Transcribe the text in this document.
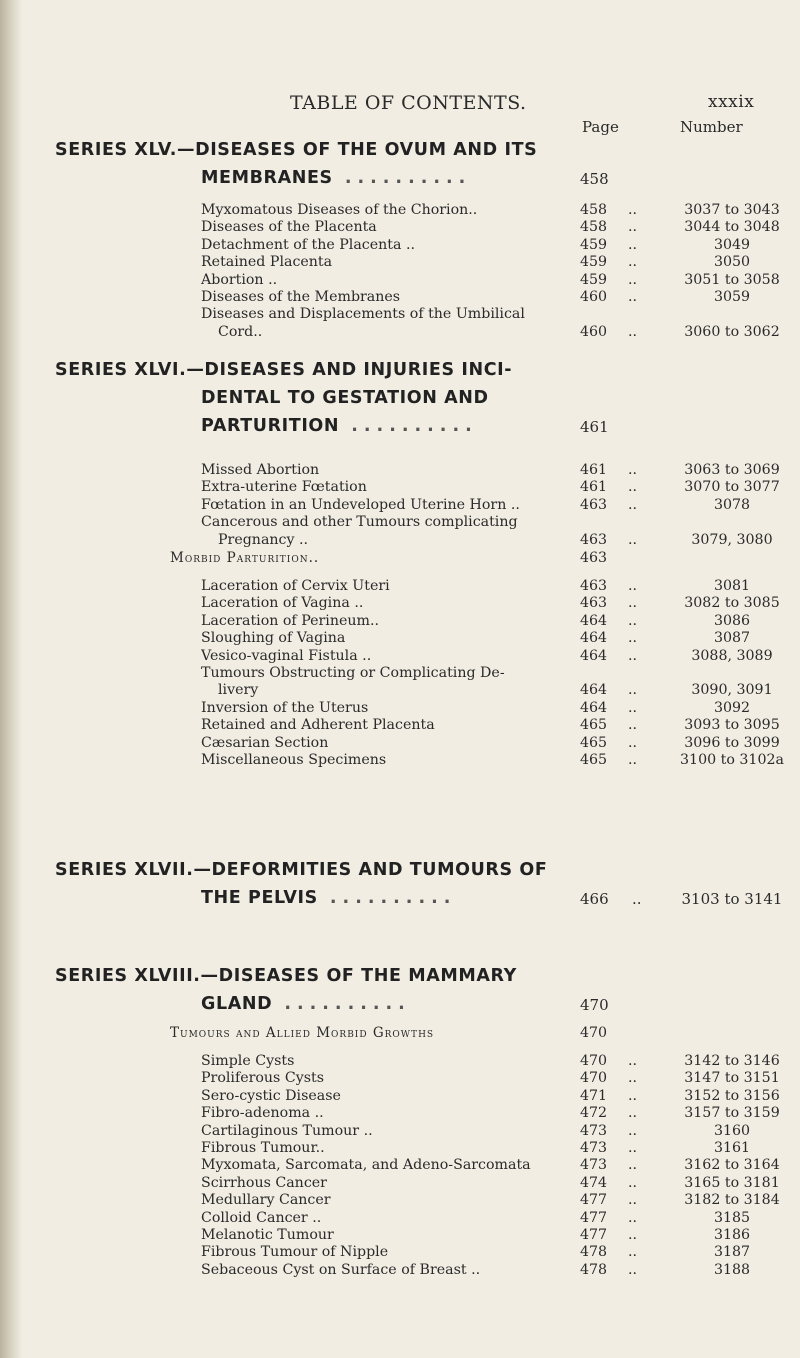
TABLE OF CONTENTS.	xxxix
Page	Number
SERIES XLV.—DISEASES OF THE OVUM AND ITS

MEMBRANES ..........	458
Myxomatous Diseases of the Chorion..	458	..	3037 to 3043
Diseases of the Placenta	458	..	3044 to 3048
Detachment of the Placenta ..	459	..	3049
Retained Placenta	459	..	3050
Abortion ..	459	..	3051 to 3058
Diseases of the Membranes	460	..	3059
Diseases and Displacements of the Umbilical
Cord..	460	..	3060 to 3062
SERIES XLVI.—DISEASES AND INJURIES INCI-

DENTAL TO GESTATION AND
PARTURITION ..........	461
Missed Abortion	461	..	3063 to 3069
Extra-uterine Fœtation	461	..	3070 to 3077
Fœtation in an Undeveloped Uterine Horn ..	463	..	3078
Cancerous and other Tumours complicating
Pregnancy ..	463	..	3079, 3080
Morbid Parturition..	463
Laceration of Cervix Uteri	463	..	3081
Laceration of Vagina ..	463	..	3082 to 3085
Laceration of Perineum..	464	..	3086
Sloughing of Vagina	464	..	3087
Vesico-vaginal Fistula ..	464	..	3088, 3089
Tumours Obstructing or Complicating De-
livery	464	..	3090, 3091
Inversion of the Uterus	464	..	3092
Retained and Adherent Placenta	465	..	3093 to 3095
Cæsarian Section	465	..	3096 to 3099
Miscellaneous Specimens	465	..	3100 to 3102a
SERIES XLVII.—DEFORMITIES AND TUMOURS OF

THE PELVIS ..........	466 ..	3103 to 3141
SERIES XLVIII.—DISEASES OF THE MAMMARY

GLAND ..........	470
Tumours and Allied Morbid Growths	470
Simple Cysts	470	..	3142 to 3146
Proliferous Cysts	470	..	3147 to 3151
Sero-cystic Disease	471	..	3152 to 3156
Fibro-adenoma ..	472	..	3157 to 3159
Cartilaginous Tumour ..	473	..	3160
Fibrous Tumour..	473	..	3161
Myxomata, Sarcomata, and Adeno-Sarcomata	473	..	3162 to 3164
Scirrhous Cancer	474	..	3165 to 3181
Medullary Cancer	477	..	3182 to 3184
Colloid Cancer ..	477	..	3185
Melanotic Tumour	477	..	3186
Fibrous Tumour of Nipple	478	..	3187
Sebaceous Cyst on Surface of Breast ..	478	..	3188
